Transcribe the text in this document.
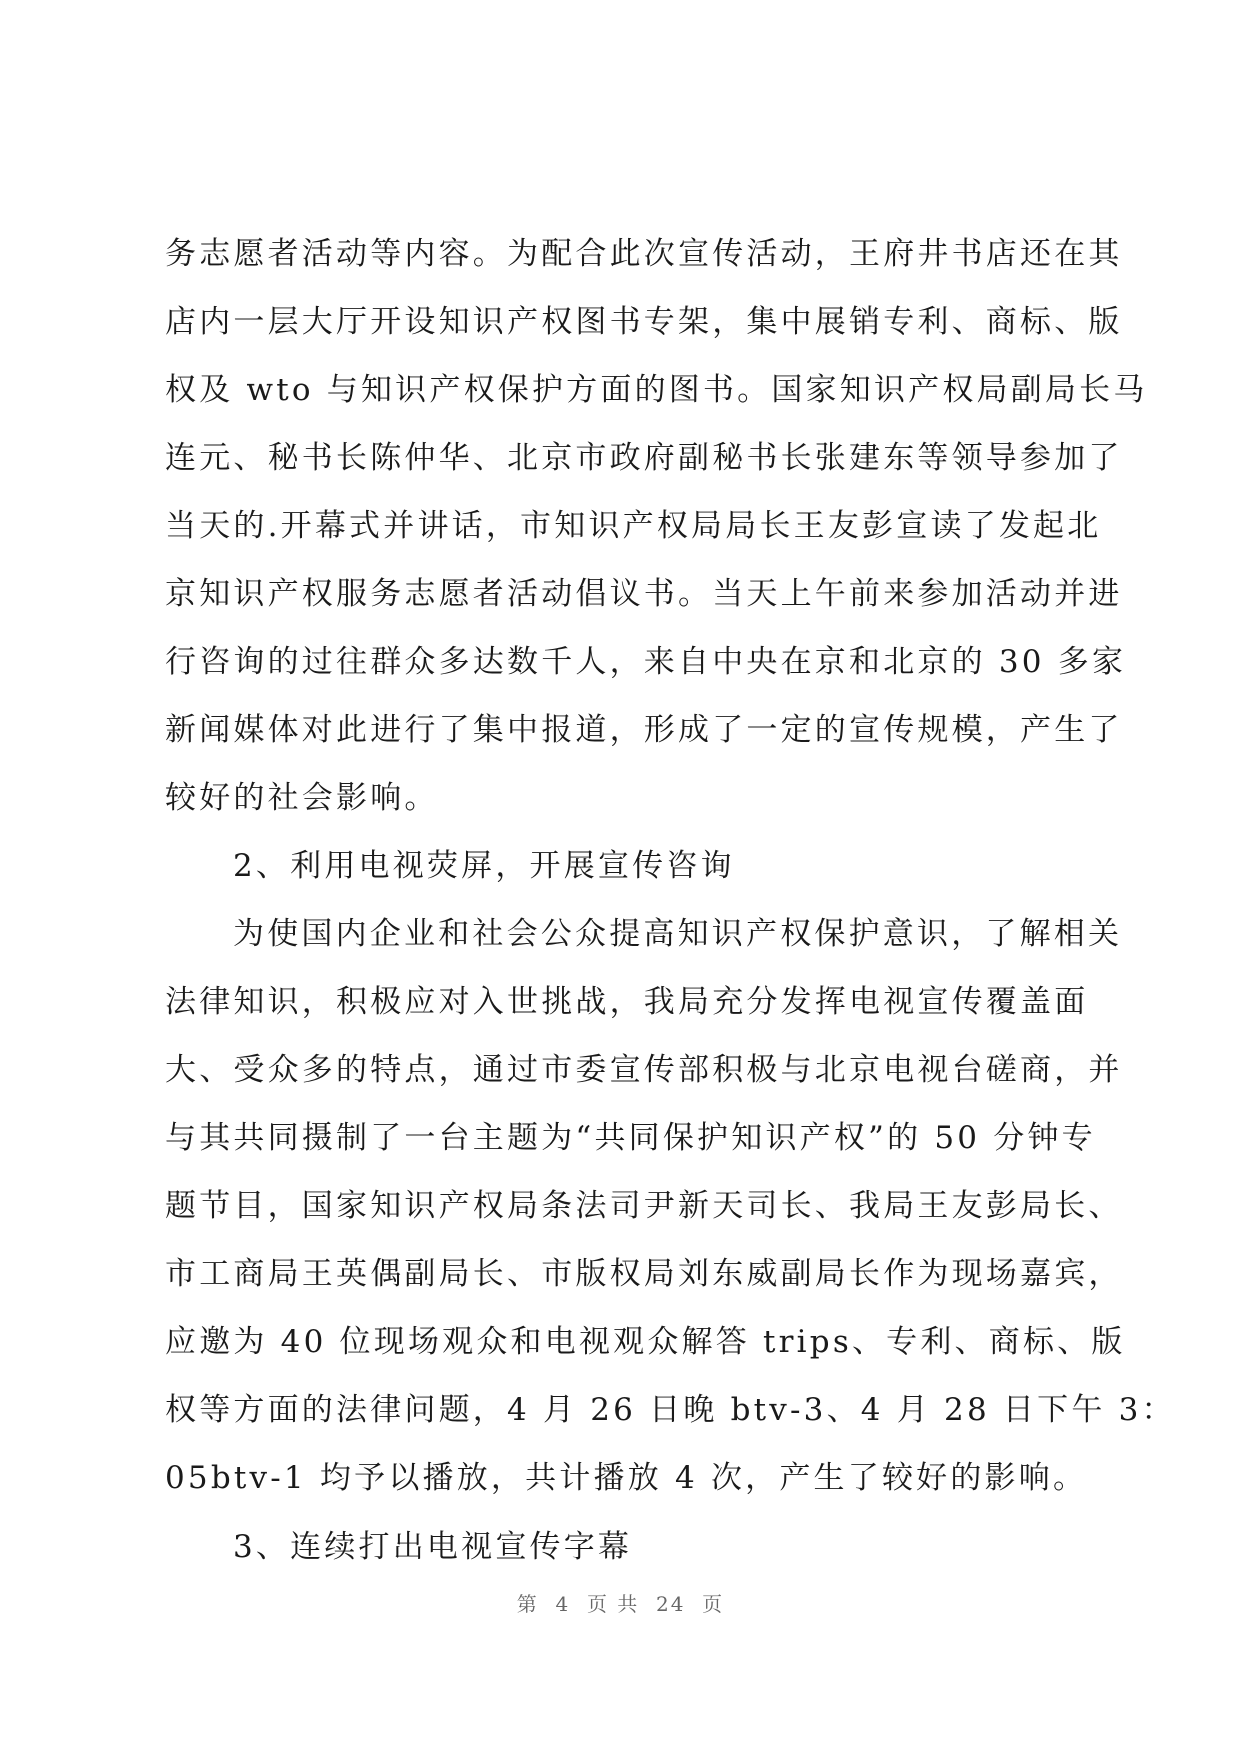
务志愿者活动等内容。为配合此次宣传活动，王府井书店还在其
店内一层大厅开设知识产权图书专架，集中展销专利、商标、版
权及 wto 与知识产权保护方面的图书。国家知识产权局副局长马
连元、秘书长陈仲华、北京市政府副秘书长张建东等领导参加了
当天的.开幕式并讲话，市知识产权局局长王友彭宣读了发起北
京知识产权服务志愿者活动倡议书。当天上午前来参加活动并进
行咨询的过往群众多达数千人，来自中央在京和北京的 30 多家
新闻媒体对此进行了集中报道，形成了一定的宣传规模，产生了
较好的社会影响。
2、利用电视荧屏，开展宣传咨询
为使国内企业和社会公众提高知识产权保护意识，了解相关
法律知识，积极应对入世挑战，我局充分发挥电视宣传覆盖面
大、受众多的特点，通过市委宣传部积极与北京电视台磋商，并
与其共同摄制了一台主题为“共同保护知识产权”的 50 分钟专
题节目，国家知识产权局条法司尹新天司长、我局王友彭局长、
市工商局王英偶副局长、市版权局刘东威副局长作为现场嘉宾，
应邀为 40 位现场观众和电视观众解答 trips、专利、商标、版
权等方面的法律问题，4 月 26 日晚 btv-3、4 月 28 日下午 3：
05btv-1 均予以播放，共计播放 4 次，产生了较好的影响。
3、连续打出电视宣传字幕
第  4  页 共  24  页
